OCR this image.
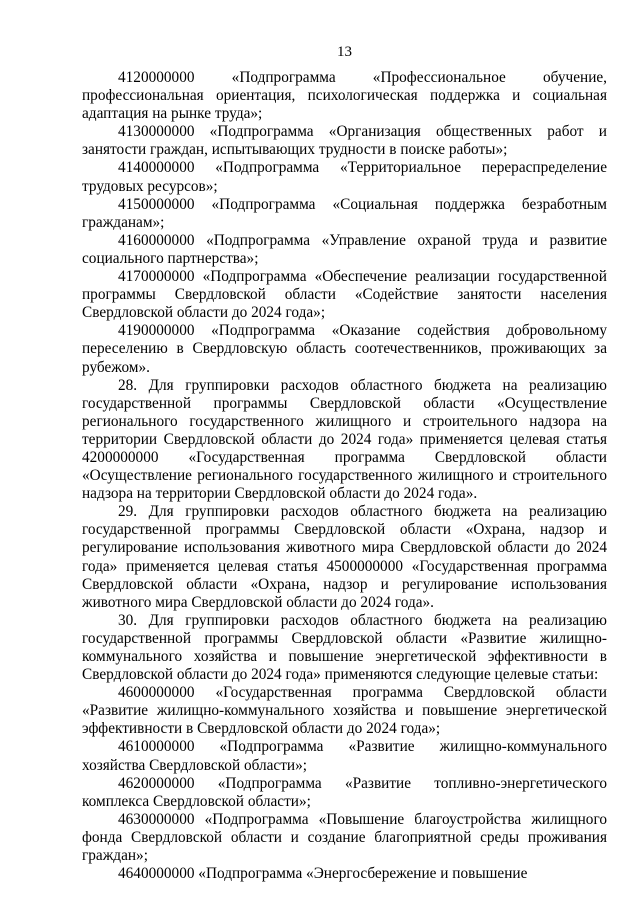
13

4120000000 «Подпрограмма «Профессиональное обучение, профессиональная ориентация, психологическая поддержка и социальная адаптация на рынке труда»;

4130000000 «Подпрограмма «Организация общественных работ и занятости граждан, испытывающих трудности в поиске работы»;

4140000000 «Подпрограмма «Территориальное перераспределение трудовых ресурсов»;

4150000000 «Подпрограмма «Социальная поддержка безработным гражданам»;

4160000000 «Подпрограмма «Управление охраной труда и развитие социального партнерства»;

4170000000 «Подпрограмма «Обеспечение реализации государственной программы Свердловской области «Содействие занятости населения Свердловской области до 2024 года»;

4190000000 «Подпрограмма «Оказание содействия добровольному переселению в Свердловскую область соотечественников, проживающих за рубежом».

28. Для группировки расходов областного бюджета на реализацию государственной программы Свердловской области «Осуществление регионального государственного жилищного и строительного надзора на территории Свердловской области до 2024 года» применяется целевая статья 4200000000 «Государственная программа Свердловской области «Осуществление регионального государственного жилищного и строительного надзора на территории Свердловской области до 2024 года».

29. Для группировки расходов областного бюджета на реализацию государственной программы Свердловской области «Охрана, надзор и регулирование использования животного мира Свердловской области до 2024 года» применяется целевая статья 4500000000 «Государственная программа Свердловской области «Охрана, надзор и регулирование использования животного мира Свердловской области до 2024 года».

30. Для группировки расходов областного бюджета на реализацию государственной программы Свердловской области «Развитие жилищно-коммунального хозяйства и повышение энергетической эффективности в Свердловской области до 2024 года» применяются следующие целевые статьи:

4600000000 «Государственная программа Свердловской области «Развитие жилищно-коммунального хозяйства и повышение энергетической эффективности в Свердловской области до 2024 года»;

4610000000 «Подпрограмма «Развитие жилищно-коммунального хозяйства Свердловской области»;

4620000000 «Подпрограмма «Развитие топливно-энергетического комплекса Свердловской области»;

4630000000 «Подпрограмма «Повышение благоустройства жилищного фонда Свердловской области и создание благоприятной среды проживания граждан»;

4640000000 «Подпрограмма «Энергосбережение и повышение
